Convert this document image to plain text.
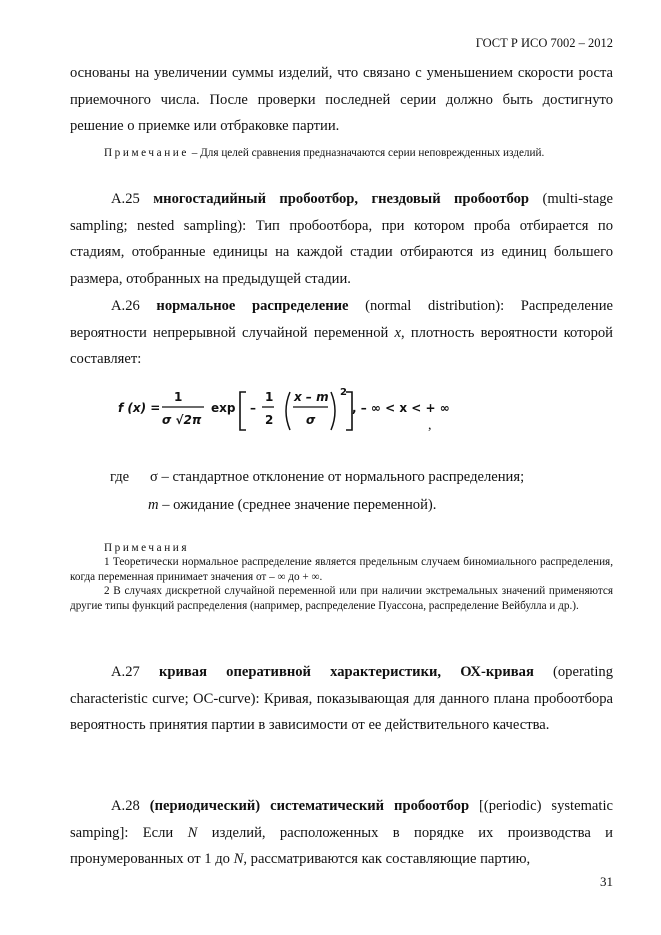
ГОСТ Р ИСО 7002 – 2012
основаны на увеличении суммы изделий, что связано с уменьшением скорости роста приемочного числа. После проверки последней серии должно быть достигнуто решение о приемке или отбраковке партии.
Примечание – Для целей сравнения предназначаются серии неповрежденных изделий.
А.25 многостадийный пробоотбор, гнездовый пробоотбор (multi-stage sampling; nested sampling): Тип пробоотбора, при котором проба отбирается по стадиям, отобранные единицы на каждой стадии отбираются из единиц большего размера, отобранных на предыдущей стадии.
А.26 нормальное распределение (normal distribution): Распределение вероятности непрерывной случайной переменной x, плотность вероятности которой составляет:
f (x) =
1
σ √2π
exp –
1
2
x – m
σ
2
, – ∞ < x < + ∞
,
где σ – стандартное отклонение от нормального распределения;
m – ожидание (среднее значение переменной).
Примечания
1 Теоретически нормальное распределение является предельным случаем биномиального распределения, когда переменная принимает значения от – ∞ до + ∞.
2 В случаях дискретной случайной переменной или при наличии экстремальных значений применяются другие типы функций распределения (например, распределение Пуассона, распределение Вейбулла и др.).
А.27 кривая оперативной характеристики, ОХ-кривая (operating characteristic curve; OC-curve): Кривая, показывающая для данного плана пробоотбора вероятность принятия партии в зависимости от ее действительного качества.
А.28 (периодический) систематический пробоотбор [(periodic) systematic samping]: Если N изделий, расположенных в порядке их производства и пронумерованных от 1 до N, рассматриваются как составляющие партию,
31
